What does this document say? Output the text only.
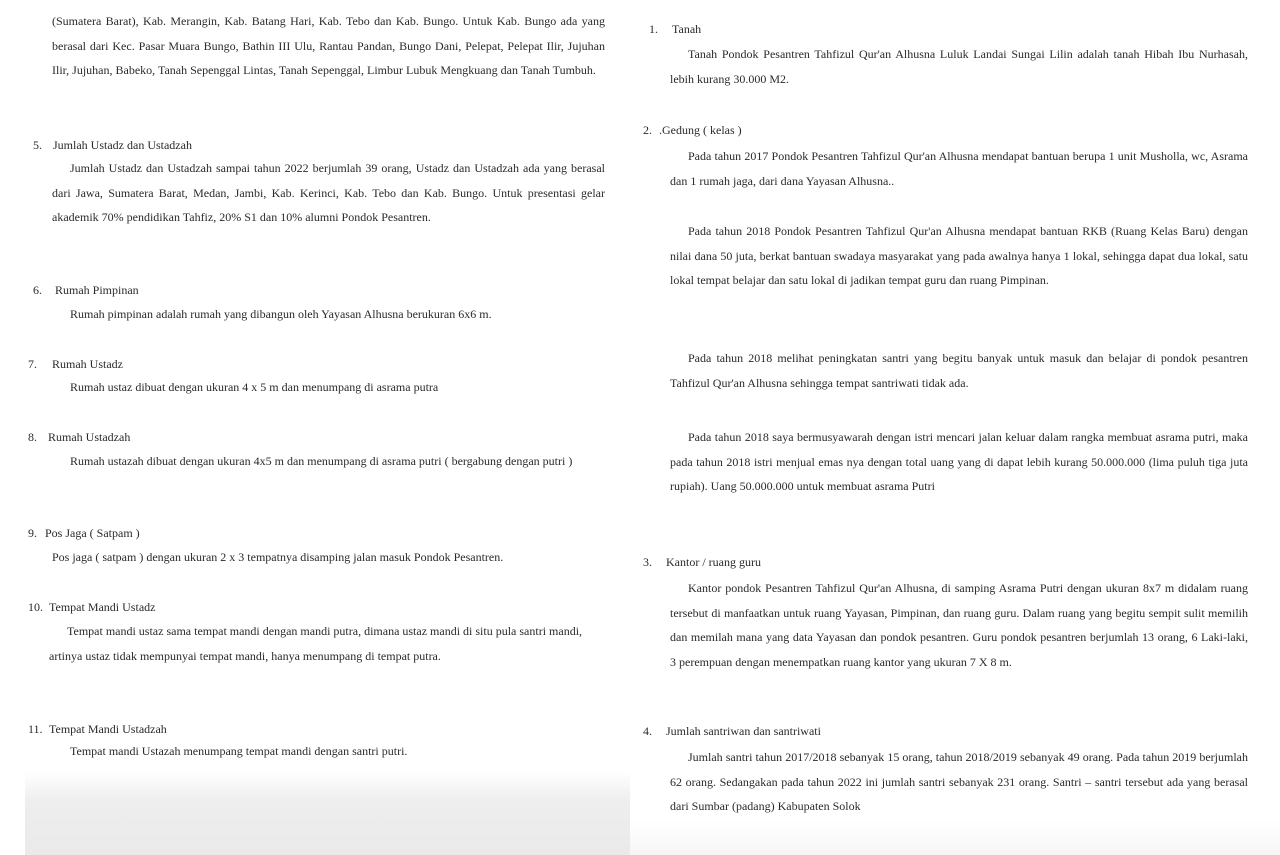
(Sumatera Barat), Kab. Merangin, Kab. Batang Hari, Kab. Tebo dan Kab. Bungo. Untuk Kab. Bungo ada yang berasal dari Kec. Pasar Muara Bungo, Bathin III Ulu, Rantau Pandan, Bungo Dani, Pelepat, Pelepat Ilir, Jujuhan Ilir, Jujuhan, Babeko, Tanah Sepenggal Lintas, Tanah Sepenggal, Limbur Lubuk Mengkuang dan Tanah Tumbuh.
5. Jumlah Ustadz dan Ustadzah
Jumlah Ustadz dan Ustadzah sampai tahun 2022 berjumlah 39 orang, Ustadz dan Ustadzah ada yang berasal dari Jawa, Sumatera Barat, Medan, Jambi, Kab. Kerinci, Kab. Tebo dan Kab. Bungo. Untuk presentasi gelar akademik 70% pendidikan Tahfiz, 20% S1 dan 10% alumni Pondok Pesantren.
6. Rumah Pimpinan
Rumah pimpinan adalah rumah yang dibangun oleh Yayasan Alhusna berukuran 6x6 m.
7. Rumah Ustadz
Rumah ustaz dibuat dengan ukuran 4 x 5 m dan menumpang di asrama putra
8. Rumah Ustadzah
Rumah ustazah dibuat dengan ukuran 4x5 m dan menumpang di asrama putri ( bergabung dengan putri )
9. Pos Jaga ( Satpam )
Pos jaga ( satpam ) dengan ukuran 2 x 3 tempatnya disamping jalan masuk Pondok Pesantren.
10. Tempat Mandi Ustadz
Tempat mandi ustaz sama tempat mandi dengan mandi putra, dimana ustaz mandi di situ pula santri mandi, artinya ustaz tidak mempunyai tempat mandi, hanya menumpang di tempat putra.
11. Tempat Mandi Ustadzah
Tempat mandi Ustazah menumpang tempat mandi dengan santri putri.
1. Tanah
Tanah Pondok Pesantren Tahfizul Qur'an Alhusna Luluk Landai Sungai Lilin adalah tanah Hibah Ibu Nurhasah, lebih kurang 30.000 M2.
2. .Gedung ( kelas )
Pada tahun 2017 Pondok Pesantren Tahfizul Qur'an Alhusna mendapat bantuan berupa 1 unit Musholla, wc, Asrama dan 1 rumah jaga, dari dana Yayasan Alhusna..
Pada tahun 2018 Pondok Pesantren Tahfizul Qur'an Alhusna mendapat bantuan RKB (Ruang Kelas Baru) dengan nilai dana 50 juta, berkat bantuan swadaya masyarakat yang pada awalnya hanya 1 lokal, sehingga dapat dua lokal, satu lokal tempat belajar dan satu lokal di jadikan tempat guru dan ruang Pimpinan.
Pada tahun 2018 melihat peningkatan santri yang begitu banyak untuk masuk dan belajar di pondok pesantren Tahfizul Qur'an Alhusna sehingga tempat santriwati tidak ada.
Pada tahun 2018 saya bermusyawarah dengan istri mencari jalan keluar dalam rangka membuat asrama putri, maka pada tahun 2018 istri menjual emas nya dengan total uang yang di dapat lebih kurang 50.000.000 (lima puluh tiga juta rupiah). Uang 50.000.000 untuk membuat asrama Putri
3. Kantor / ruang guru
Kantor pondok Pesantren Tahfizul Qur'an Alhusna, di samping Asrama Putri dengan ukuran 8x7 m didalam ruang tersebut di manfaatkan untuk ruang Yayasan, Pimpinan, dan ruang guru. Dalam ruang yang begitu sempit sulit memilih dan memilah mana yang data Yayasan dan pondok pesantren. Guru pondok pesantren berjumlah 13 orang, 6 Laki-laki, 3 perempuan dengan menempatkan ruang kantor yang ukuran 7 X 8 m.
4. Jumlah santriwan dan santriwati
Jumlah santri tahun 2017/2018 sebanyak 15 orang, tahun 2018/2019 sebanyak 49 orang. Pada tahun 2019 berjumlah 62 orang. Sedangakan pada tahun 2022 ini jumlah santri sebanyak 231 orang. Santri – santri tersebut ada yang berasal dari Sumbar (padang) Kabupaten Solok
